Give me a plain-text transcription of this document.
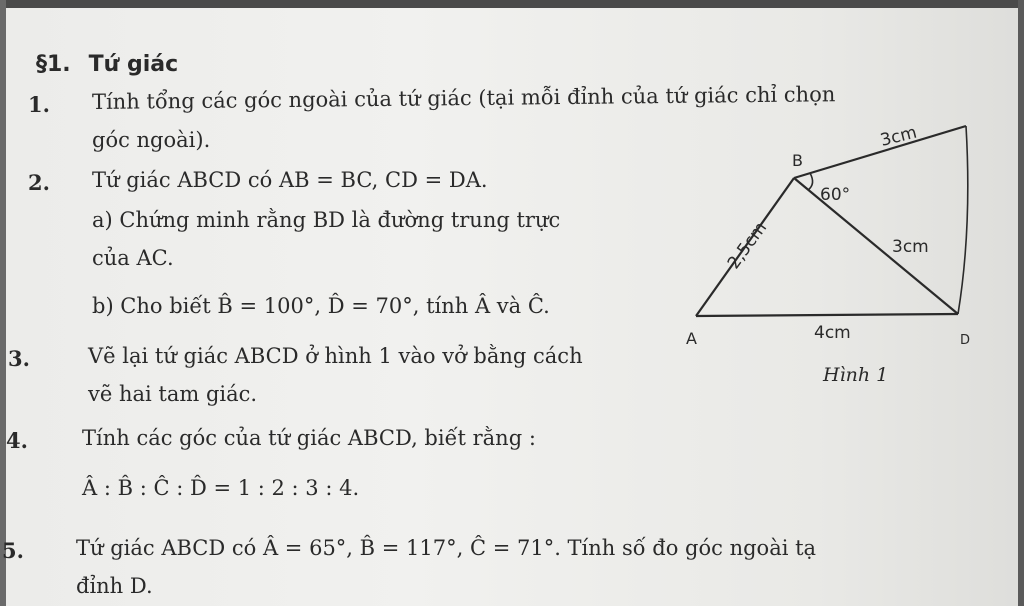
§1. Tứ giác
1. Tính tổng các góc ngoài của tứ giác (tại mỗi đỉnh của tứ giác chỉ chọn
góc ngoài).
2. Tứ giác ABCD có AB = BC, CD = DA.
a) Chứng minh rằng BD là đường trung trực
của AC.
b) Cho biết B̂ = 100°, D̂ = 70°, tính Â và Ĉ.
3.	Vẽ lại tứ giác ABCD ở hình 1 vào vở bằng cách
vẽ hai tam giác.
4.	Tính các góc của tứ giác ABCD, biết rằng :
Â : B̂ : Ĉ : D̂ = 1 : 2 : 3 : 4.
5. Tứ giác ABCD có Â = 65°, B̂ = 117°, Ĉ = 71°. Tính số đo góc ngoài tạ
đỉnh D.
A
B
D
3cm
60°
2,5cm	3cm
4cm
Hình 1
